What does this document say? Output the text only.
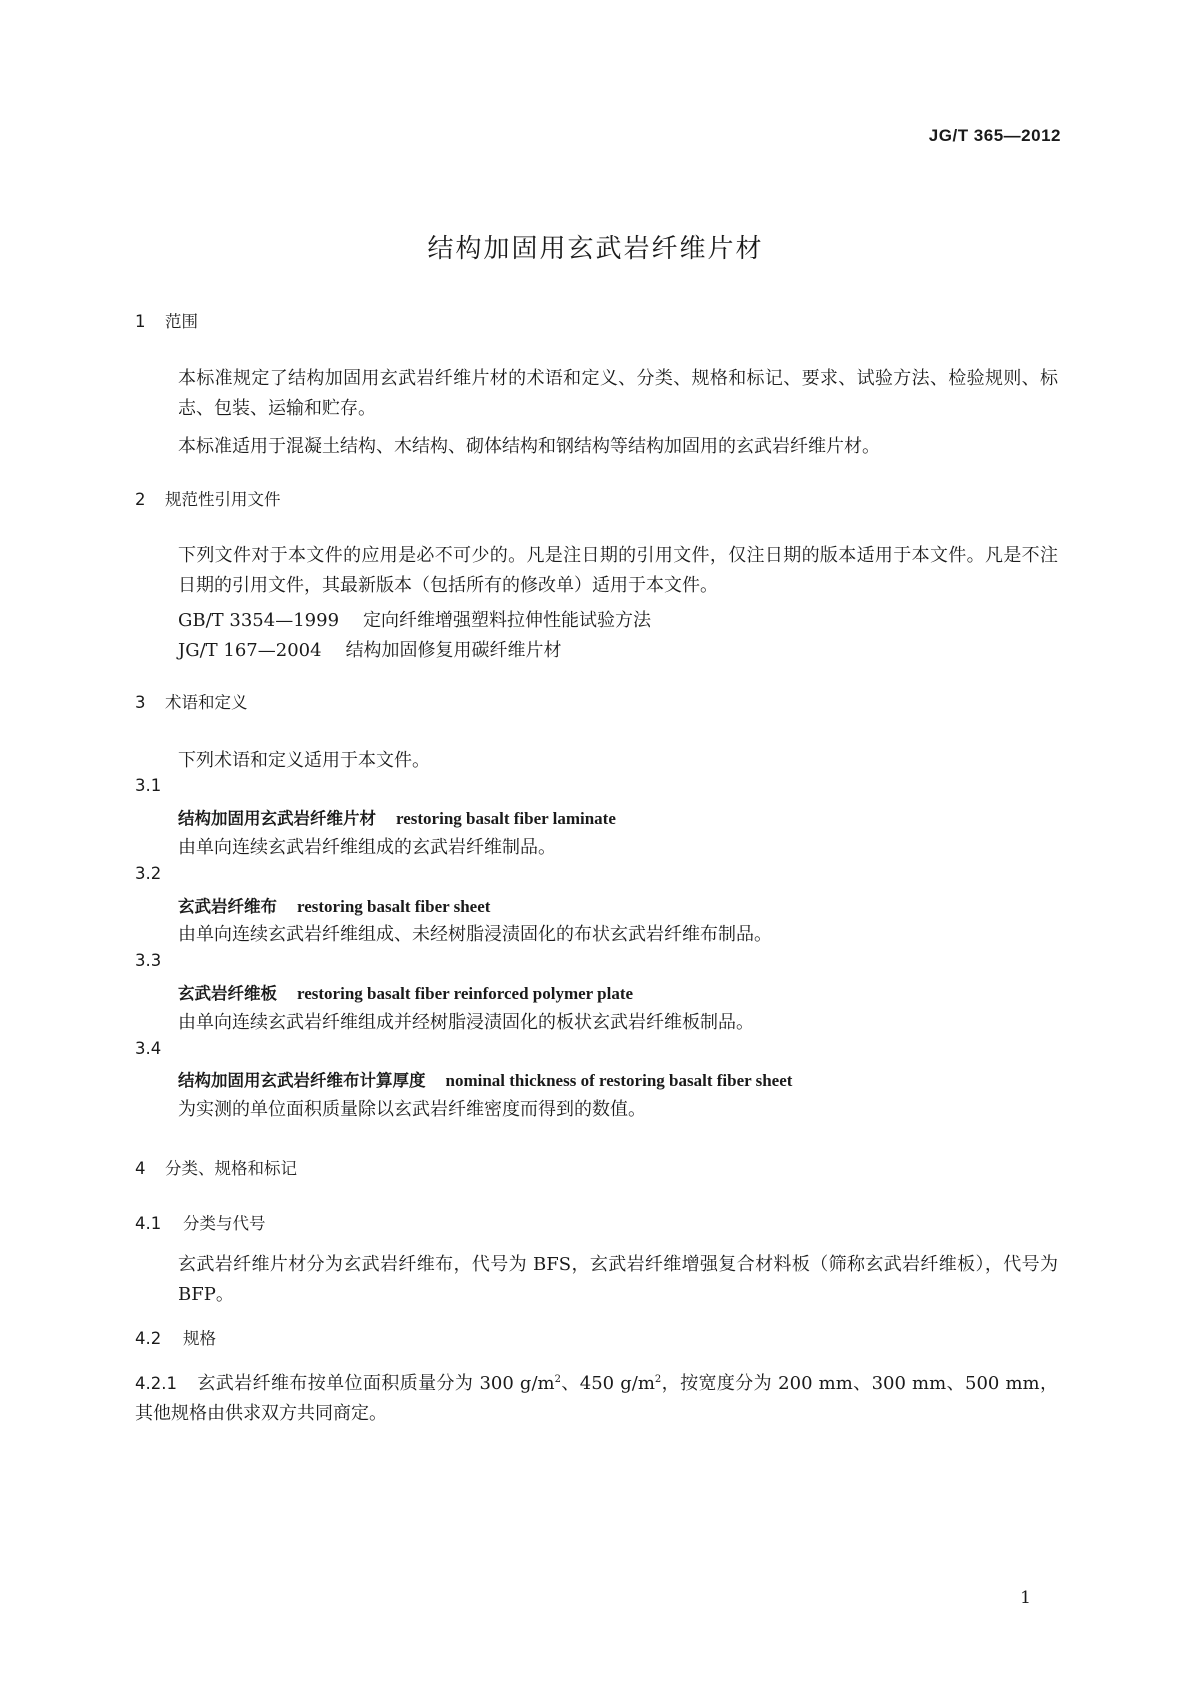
JG/T 365—2012
结构加固用玄武岩纤维片材
1 范围
本标准规定了结构加固用玄武岩纤维片材的术语和定义、分类、规格和标记、要求、试验方法、检验规则、标志、包装、运输和贮存。
本标准适用于混凝土结构、木结构、砌体结构和钢结构等结构加固用的玄武岩纤维片材。
2 规范性引用文件
下列文件对于本文件的应用是必不可少的。凡是注日期的引用文件，仅注日期的版本适用于本文件。凡是不注日期的引用文件，其最新版本（包括所有的修改单）适用于本文件。
GB/T 3354—1999 定向纤维增强塑料拉伸性能试验方法
JG/T 167—2004 结构加固修复用碳纤维片材
3 术语和定义
下列术语和定义适用于本文件。
3.1
结构加固用玄武岩纤维片材 restoring basalt fiber laminate
由单向连续玄武岩纤维组成的玄武岩纤维制品。
3.2
玄武岩纤维布 restoring basalt fiber sheet
由单向连续玄武岩纤维组成、未经树脂浸渍固化的布状玄武岩纤维布制品。
3.3
玄武岩纤维板 restoring basalt fiber reinforced polymer plate
由单向连续玄武岩纤维组成并经树脂浸渍固化的板状玄武岩纤维板制品。
3.4
结构加固用玄武岩纤维布计算厚度 nominal thickness of restoring basalt fiber sheet
为实测的单位面积质量除以玄武岩纤维密度而得到的数值。
4 分类、规格和标记
4.1 分类与代号
玄武岩纤维片材分为玄武岩纤维布，代号为 BFS，玄武岩纤维增强复合材料板（筛称玄武岩纤维板），代号为 BFP。
4.2 规格
4.2.1 玄武岩纤维布按单位面积质量分为 300 $g/m^2$、450 $g/m^2$，按宽度分为 200 mm、300 mm、500 mm，其他规格由供求双方共同商定。
1
